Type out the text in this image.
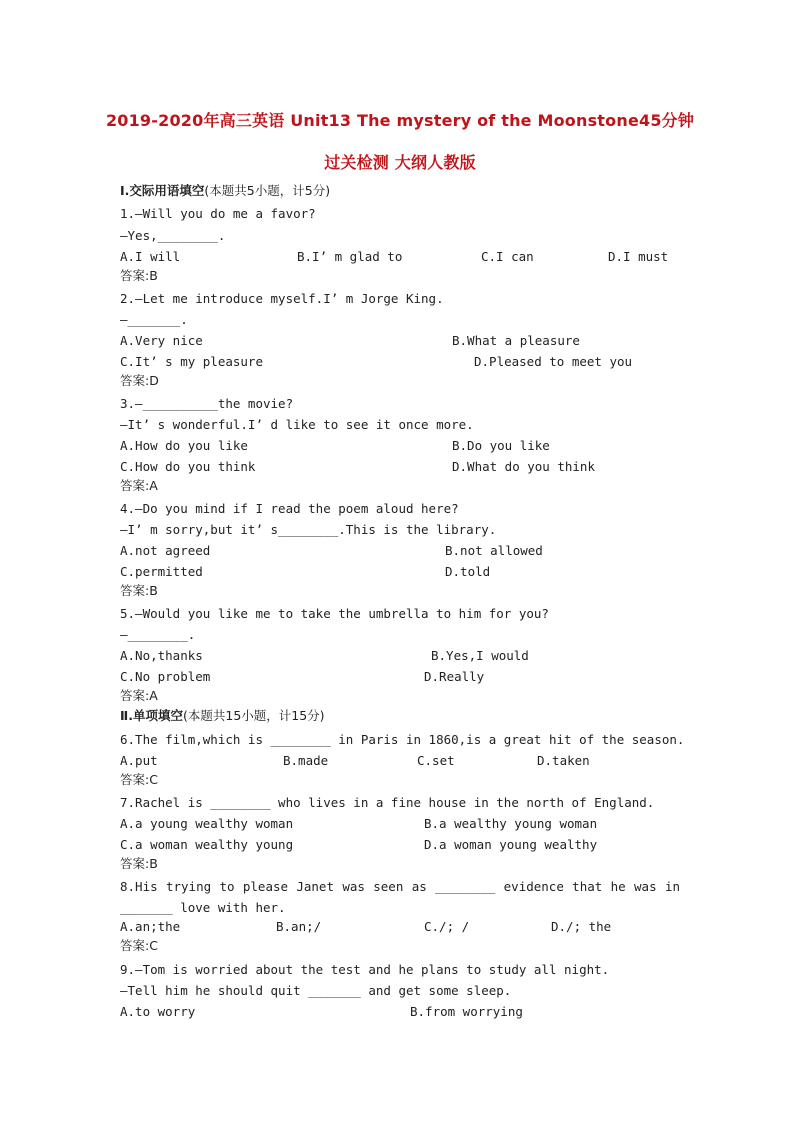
2019-2020年高三英语 Unit13 The mystery of the Moonstone45分钟
过关检测 大纲人教版
Ⅰ.交际用语填空(本题共5小题，计5分)
1.—Will you do me a favor?
—Yes,________.
A.I will	B.I’ m glad to	C.I can	D.I must
答案:B
2.—Let me introduce myself.I’ m Jorge King.
—_______.
A.Very nice	B.What a pleasure
C.It’ s my pleasure	D.Pleased to meet you
答案:D
3.—__________the movie?
—It’ s wonderful.I’ d like to see it once more.
A.How do you like	B.Do you like
C.How do you think	D.What do you think
答案:A
4.—Do you mind if I read the poem aloud here?
—I’ m sorry,but it’ s________.This is the library.
A.not agreed	B.not allowed
C.permitted	D.told
答案:B
5.—Would you like me to take the umbrella to him for you?
—________.
A.No,thanks	B.Yes,I would
C.No problem	D.Really
答案:A
Ⅱ.单项填空(本题共15小题，计15分)
6.The film,which is ________ in Paris in 1860,is a great hit of the season.
A.put	B.made	C.set	D.taken
答案:C
7.Rachel is ________ who lives in a fine house in the north of England.
A.a young wealthy woman	B.a wealthy young woman
C.a woman wealthy young	D.a woman young wealthy
答案:B
8.His trying to please Janet was seen as ________ evidence that he was in
_______ love with her.
A.an;the	B.an;/	C./; /	D./; the
答案:C
9.—Tom is worried about the test and he plans to study all night.
—Tell him he should quit _______ and get some sleep.
A.to worry	B.from worrying
